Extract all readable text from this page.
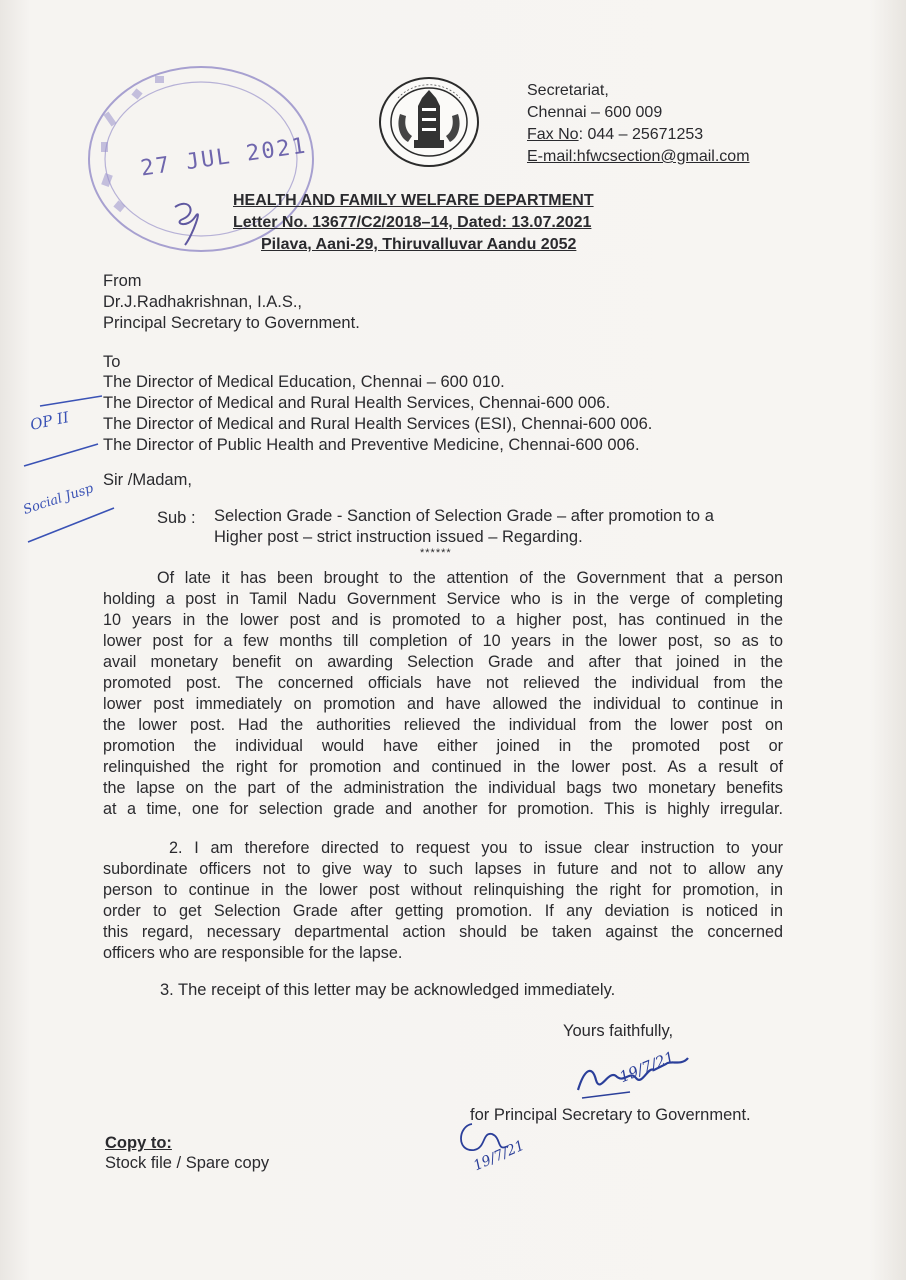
27 JUL 2021
Secretariat,
Chennai – 600 009
Fax No: 044 – 25671253
E-mail:hfwcsection@gmail.com
HEALTH AND FAMILY WELFARE DEPARTMENT
Letter No. 13677/C2/2018–14, Dated: 13.07.2021
Pilava, Aani-29, Thiruvalluvar Aandu 2052
From
Dr.J.Radhakrishnan, I.A.S.,
Principal Secretary to Government.
To
The Director of Medical Education, Chennai – 600 010.
The Director of Medical and Rural Health Services, Chennai-600 006.
The Director of Medical and Rural Health Services (ESI), Chennai-600 006.
The Director of Public Health and Preventive Medicine, Chennai-600 006.
OP II
Social Jusp
Sir /Madam,
Sub : Selection Grade - Sanction of Selection Grade – after promotion to a
Higher post – strict instruction issued – Regarding.
******
Of late it has been brought to the attention of the Government that a person
holding a post in Tamil Nadu Government Service who is in the verge of completing
10 years in the lower post and is promoted to a higher post, has continued in the
lower post for a few months till completion of 10 years in the lower post, so as to
avail monetary benefit on awarding Selection Grade and after that joined in the
promoted post. The concerned officials have not relieved the individual from the
lower post immediately on promotion and have allowed the individual to continue in
the lower post. Had the authorities relieved the individual from the lower post on
promotion the individual would have either joined in the promoted post or
relinquished the right for promotion and continued in the lower post. As a result of
the lapse on the part of the administration the individual bags two monetary benefits
at a time, one for selection grade and another for promotion. This is highly irregular.
2. I am therefore directed to request you to issue clear instruction to your
subordinate officers not to give way to such lapses in future and not to allow any
person to continue in the lower post without relinquishing the right for promotion, in
order to get Selection Grade after getting promotion. If any deviation is noticed in
this regard, necessary departmental action should be taken against the concerned
officers who are responsible for the lapse.
3. The receipt of this letter may be acknowledged immediately.
Yours faithfully,
19/7/21
for Principal Secretary to Government.
Copy to:
Stock file / Spare copy	19/7/21
